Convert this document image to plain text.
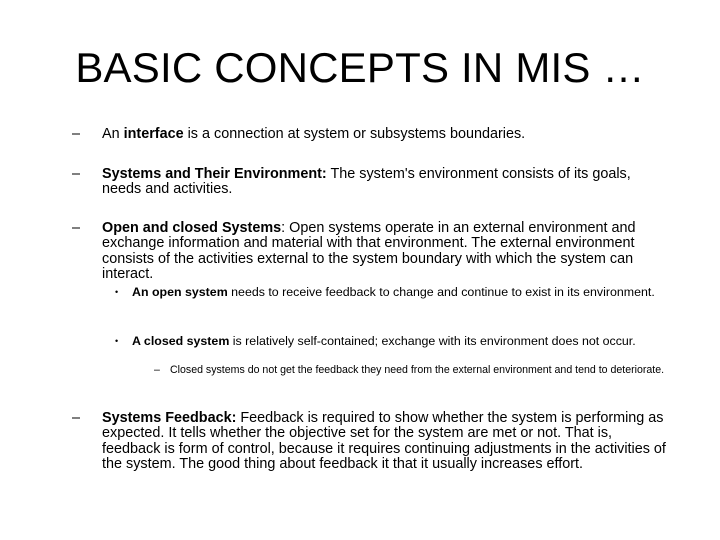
BASIC CONCEPTS IN MIS …
– An interface is a connection at system or subsystems boundaries.
– Systems and Their Environment: The system's environment consists of its goals, needs and activities.
– Open and closed Systems: Open systems operate in an external environment and exchange information and material with that environment. The external environment consists of the activities external to the system boundary with which the system can interact.
• An open system needs to receive feedback to change and continue to exist in its environment.
• A closed system is relatively self-contained; exchange with its environment does not occur.
– Closed systems do not get the feedback they need from the external environment and tend to deteriorate.
– Systems Feedback: Feedback is required to show whether the system is performing as expected. It tells whether the objective set for the system are met or not. That is, feedback is form of control, because it requires continuing adjustments in the activities of the system. The good thing about feedback it that it usually increases effort.
